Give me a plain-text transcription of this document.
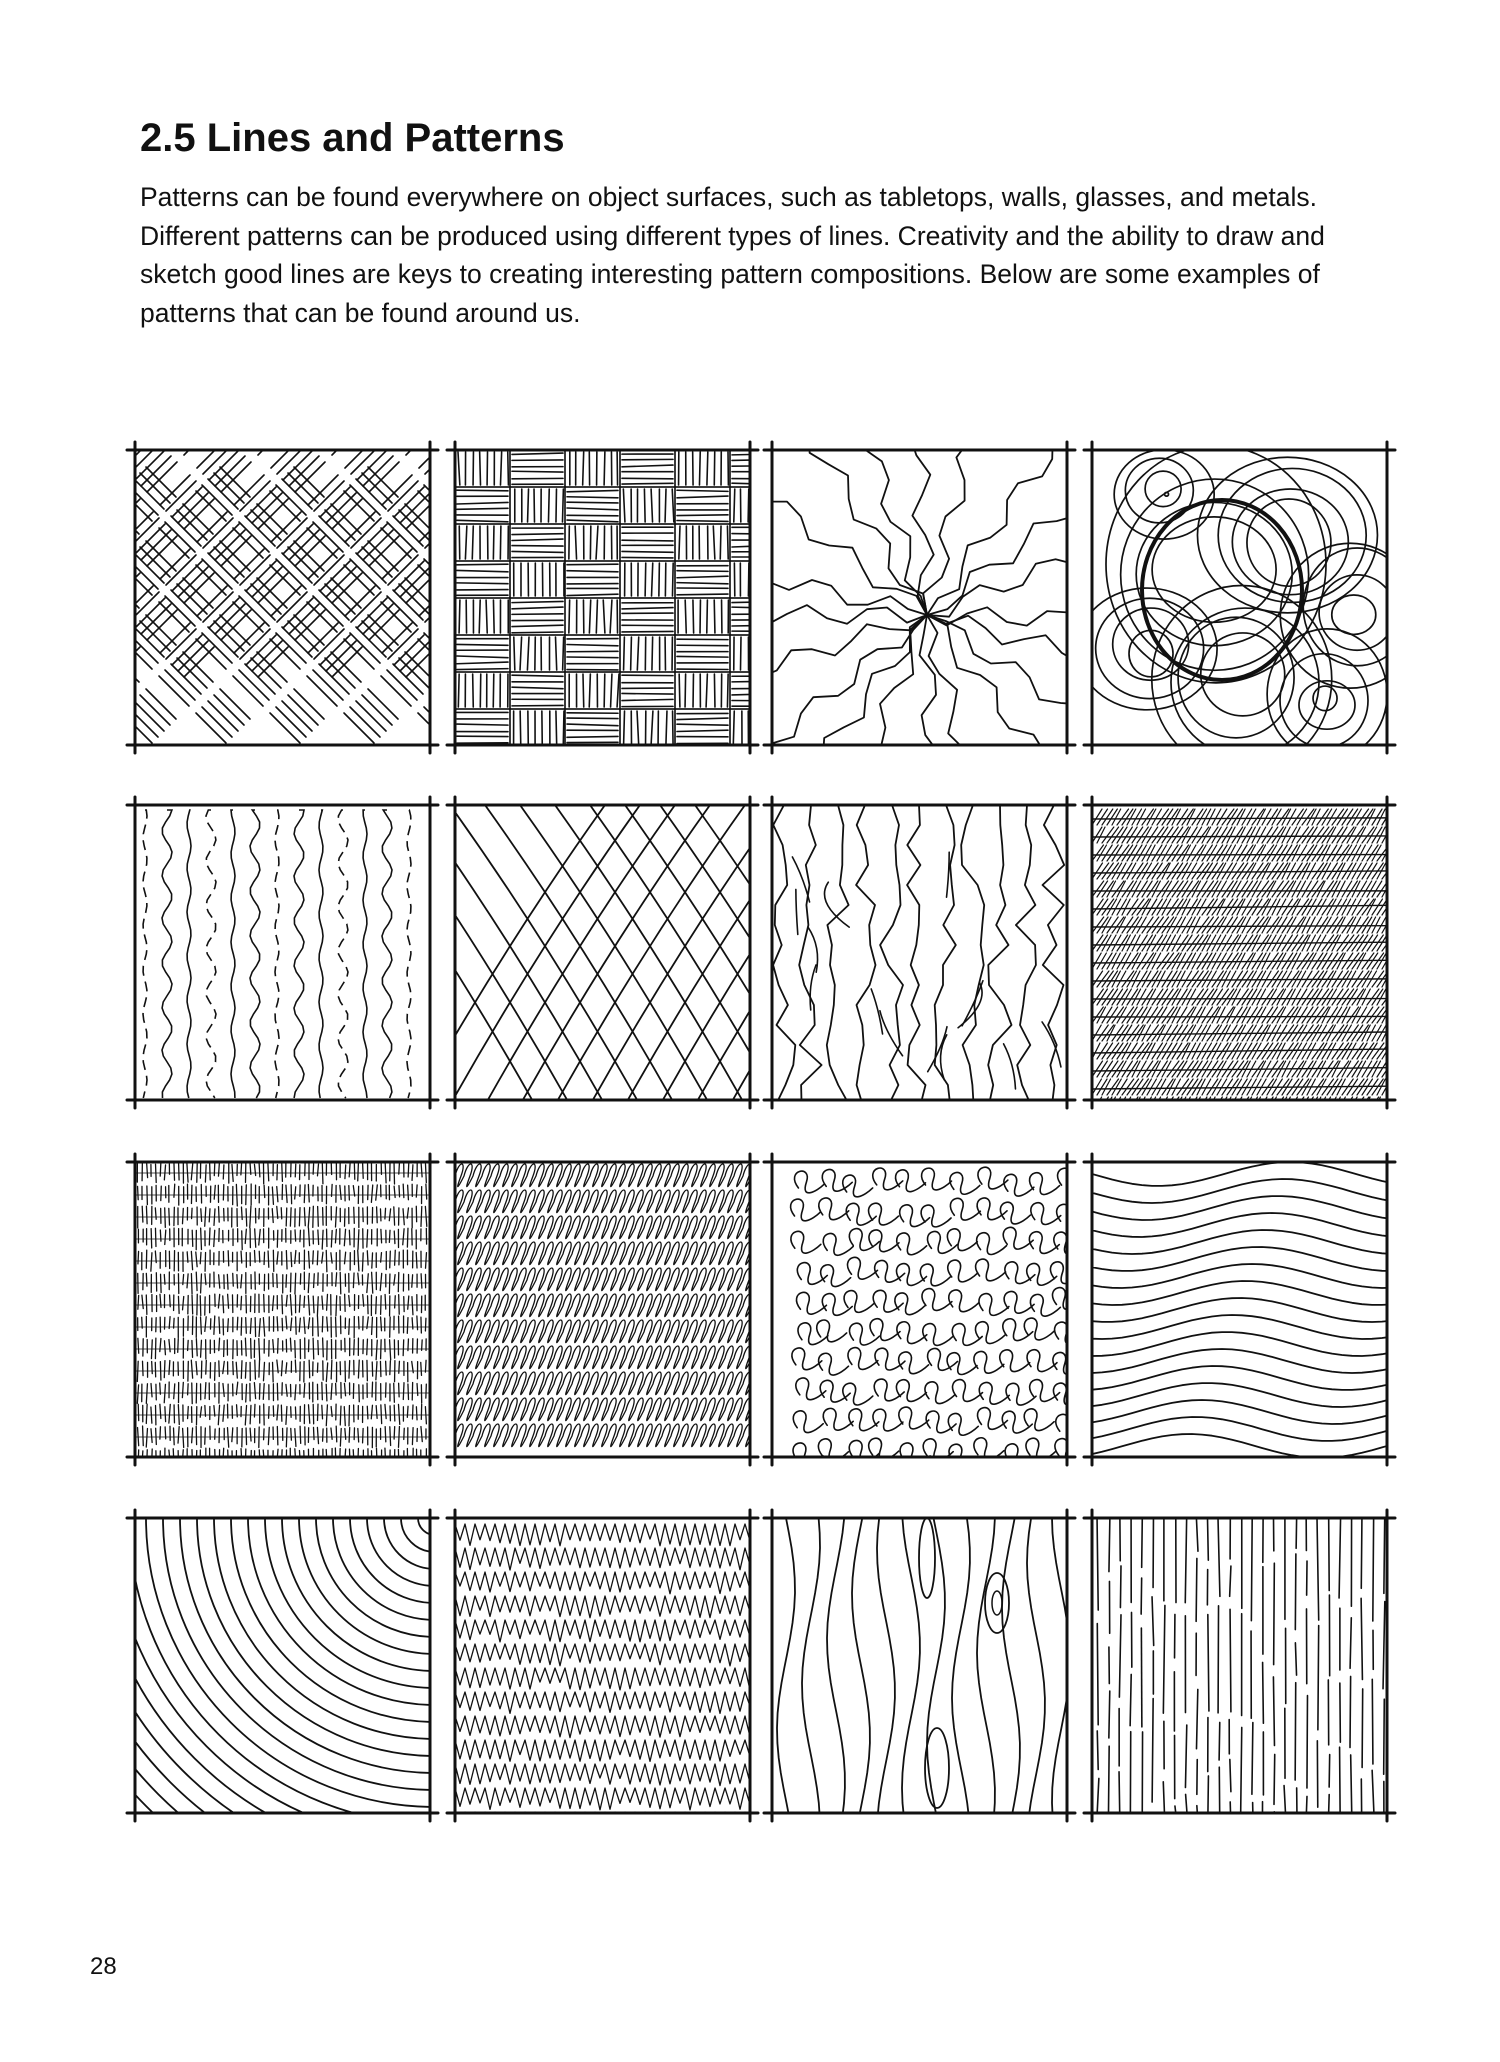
2.5 Lines and Patterns

Patterns can be found everywhere on object surfaces, such as tabletops, walls, glasses, and metals. Different patterns can be produced using different types of lines. Creativity and the ability to draw and sketch good lines are keys to creating interesting pattern compositions. Below are some examples of patterns that can be found around us.

28
